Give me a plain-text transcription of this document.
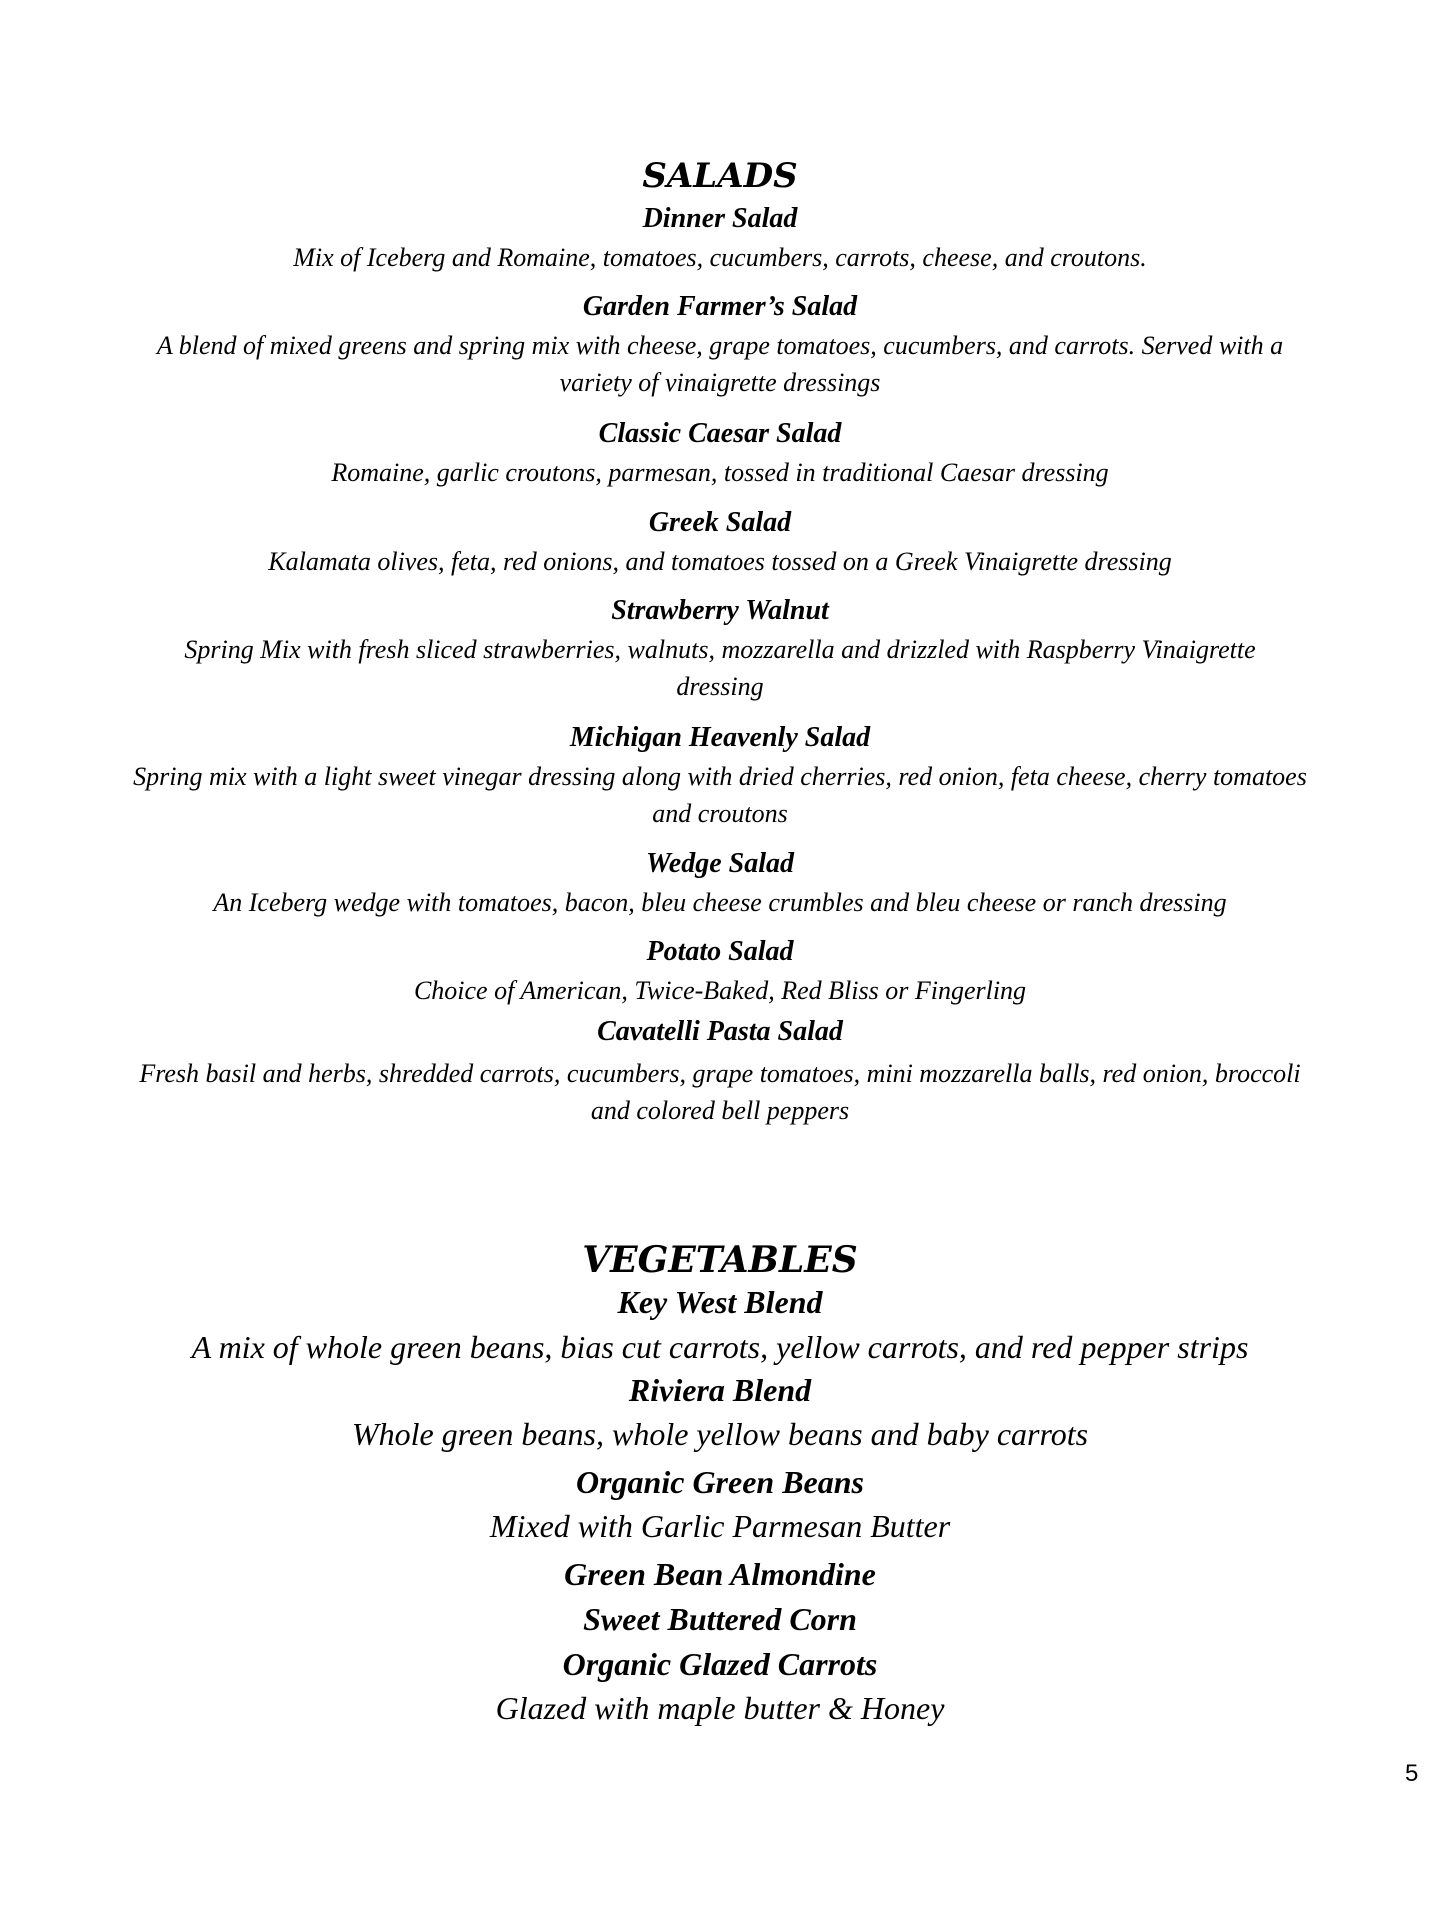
SALADS

Dinner Salad

Mix of Iceberg and Romaine, tomatoes, cucumbers, carrots, cheese, and croutons.

Garden Farmer’s Salad

A blend of mixed greens and spring mix with cheese, grape tomatoes, cucumbers, and carrots. Served with a

variety of vinaigrette dressings

Classic Caesar Salad

Romaine, garlic croutons, parmesan, tossed in traditional Caesar dressing

Greek Salad

Kalamata olives, feta, red onions, and tomatoes tossed on a Greek Vinaigrette dressing

Strawberry Walnut

Spring Mix with fresh sliced strawberries, walnuts, mozzarella and drizzled with Raspberry Vinaigrette

dressing

Michigan Heavenly Salad

Spring mix with a light sweet vinegar dressing along with dried cherries, red onion, feta cheese, cherry tomatoes

and croutons

Wedge Salad

An Iceberg wedge with tomatoes, bacon, bleu cheese crumbles and bleu cheese or ranch dressing

Potato Salad

Choice of American, Twice-Baked, Red Bliss or Fingerling

Cavatelli Pasta Salad

Fresh basil and herbs, shredded carrots, cucumbers, grape tomatoes, mini mozzarella balls, red onion, broccoli

and colored bell peppers

VEGETABLES

Key West Blend

A mix of whole green beans, bias cut carrots, yellow carrots, and red pepper strips

Riviera Blend

Whole green beans, whole yellow beans and baby carrots

Organic Green Beans

Mixed with Garlic Parmesan Butter

Green Bean Almondine

Sweet Buttered Corn

Organic Glazed Carrots

Glazed with maple butter & Honey

5
